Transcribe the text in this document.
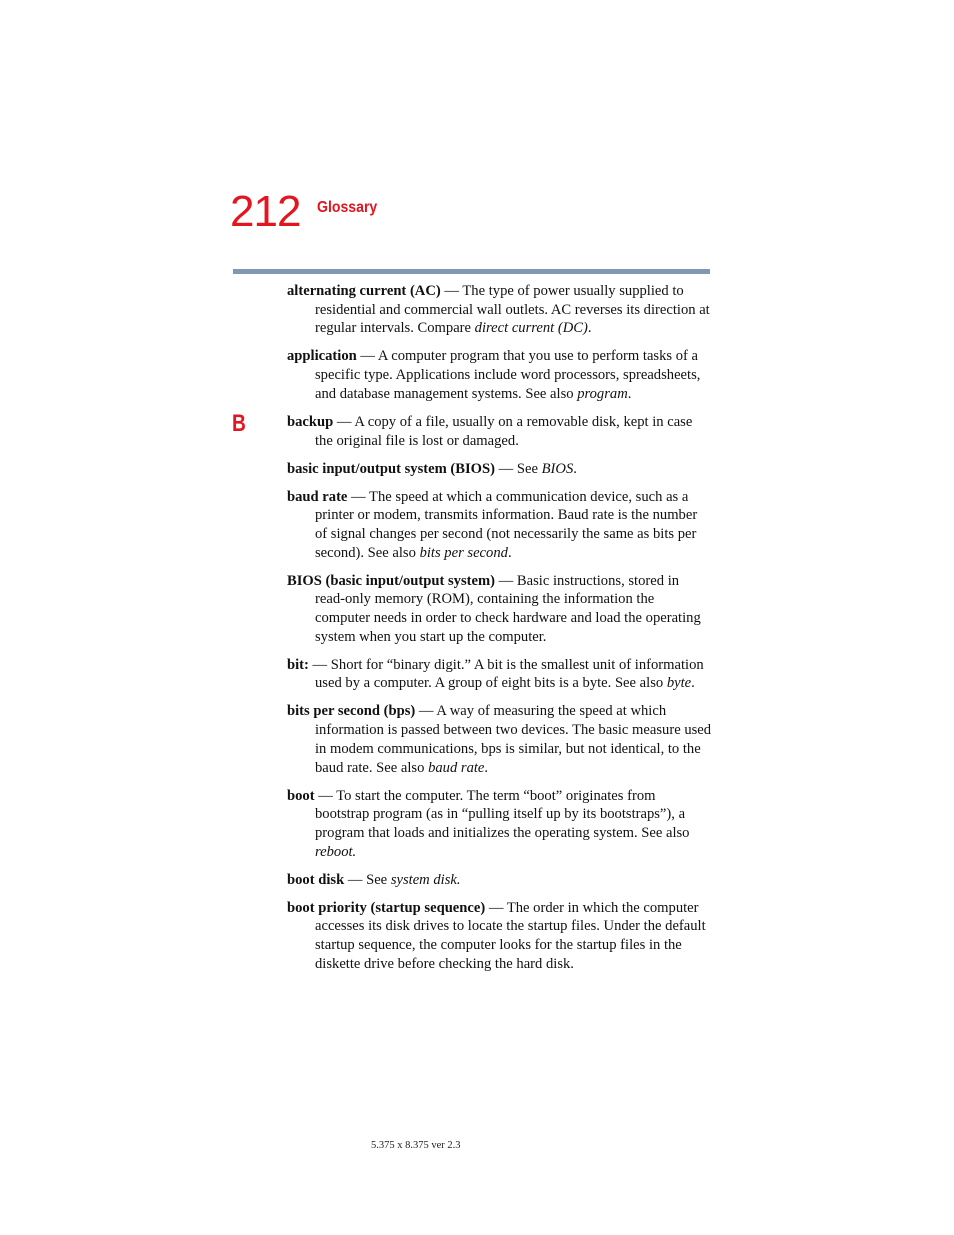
212 Glossary
B

alternating current (AC) — The type of power usually supplied to residential and commercial wall outlets. AC reverses its direction at regular intervals. Compare direct current (DC).

application — A computer program that you use to perform tasks of a specific type. Applications include word processors, spreadsheets, and database management systems. See also program.

backup — A copy of a file, usually on a removable disk, kept in case the original file is lost or damaged.

basic input/output system (BIOS) — See BIOS.

baud rate — The speed at which a communication device, such as a printer or modem, transmits information. Baud rate is the number of signal changes per second (not necessarily the same as bits per second). See also bits per second.

BIOS (basic input/output system) — Basic instructions, stored in read-only memory (ROM), containing the information the computer needs in order to check hardware and load the operating system when you start up the computer.

bit: — Short for “binary digit.” A bit is the smallest unit of information used by a computer. A group of eight bits is a byte. See also byte.

bits per second (bps) — A way of measuring the speed at which information is passed between two devices. The basic measure used in modem communications, bps is similar, but not identical, to the baud rate. See also baud rate.

boot — To start the computer. The term “boot” originates from bootstrap program (as in “pulling itself up by its bootstraps”), a program that loads and initializes the operating system. See also reboot.

boot disk — See system disk.

boot priority (startup sequence) — The order in which the computer accesses its disk drives to locate the startup files. Under the default startup sequence, the computer looks for the startup files in the diskette drive before checking the hard disk.

5.375 x 8.375 ver 2.3
